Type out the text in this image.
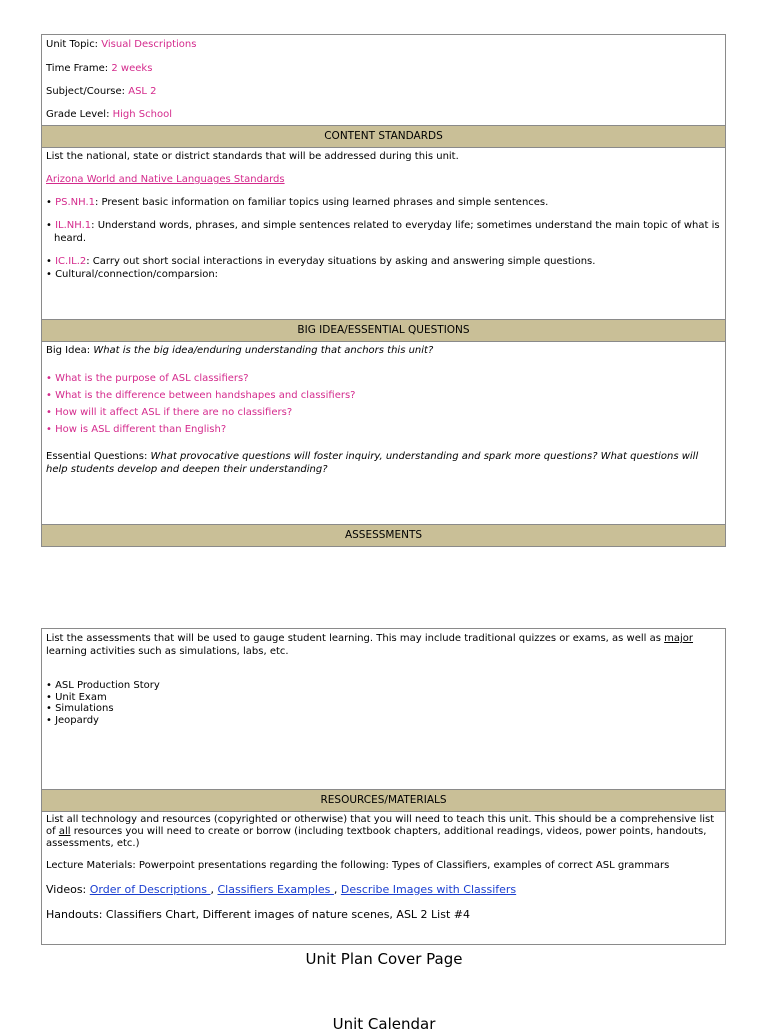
Unit Topic: Visual Descriptions
Time Frame: 2 weeks
Subject/Course: ASL 2
Grade Level: High School
CONTENT STANDARDS
List the national, state or district standards that will be addressed during this unit.
Arizona World and Native Languages Standards
• PS.NH.1: Present basic information on familiar topics using learned phrases and simple sentences.
• IL.NH.1: Understand words, phrases, and simple sentences related to everyday life; sometimes understand the main topic of what is heard.
• IC.IL.2: Carry out short social interactions in everyday situations by asking and answering simple questions.
• Cultural/connection/comparsion:
BIG IDEA/ESSENTIAL QUESTIONS
Big Idea: What is the big idea/enduring understanding that anchors this unit?
• What is the purpose of ASL classifiers?
• What is the difference between handshapes and classifiers?
• How will it affect ASL if there are no classifiers?
• How is ASL different than English?
Essential Questions: What provocative questions will foster inquiry, understanding and spark more questions? What questions will help students develop and deepen their understanding?
ASSESSMENTS
List the assessments that will be used to gauge student learning. This may include traditional quizzes or exams, as well as major learning activities such as simulations, labs, etc.
• ASL Production Story
• Unit Exam
• Simulations
• Jeopardy
RESOURCES/MATERIALS
List all technology and resources (copyrighted or otherwise) that you will need to teach this unit. This should be a comprehensive list of all resources you will need to create or borrow (including textbook chapters, additional readings, videos, power points, handouts, assessments, etc.)
Lecture Materials: Powerpoint presentations regarding the following: Types of Classifiers, examples of correct ASL grammars
Videos: Order of Descriptions , Classifiers Examples , Describe Images with Classifers
Handouts: Classifiers Chart, Different images of nature scenes, ASL 2 List #4
Unit Plan Cover Page
Unit Calendar
